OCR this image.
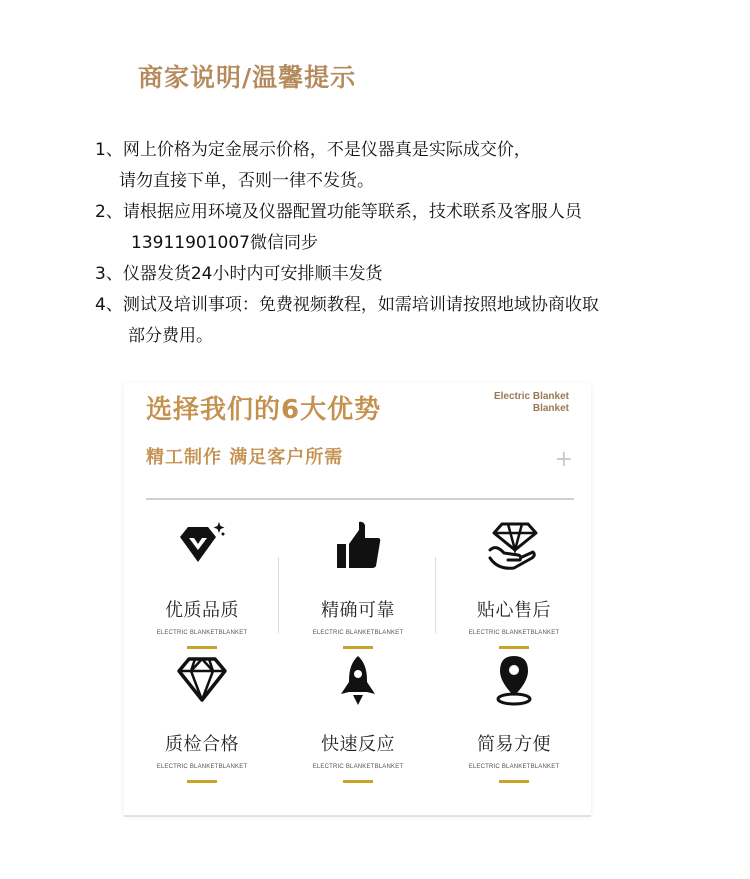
商家说明/温馨提示
1、网上价格为定金展示价格，不是仪器真是实际成交价，
请勿直接下单，否则一律不发货。
2、请根据应用环境及仪器配置功能等联系，技术联系及客服人员
13911901007微信同步
3、仪器发货24小时内可安排顺丰发货
4、测试及培训事项：免费视频教程，如需培训请按照地域协商收取
部分费用。
选择我们的6大优势	Electric Blanket
Blanket
精工制作 满足客户所需	+
优质品质
ELECTRIC BLANKETBLANKET
精确可靠
ELECTRIC BLANKETBLANKET
贴心售后
ELECTRIC BLANKETBLANKET
质检合格
ELECTRIC BLANKETBLANKET
快速反应
ELECTRIC BLANKETBLANKET
简易方便
ELECTRIC BLANKETBLANKET
